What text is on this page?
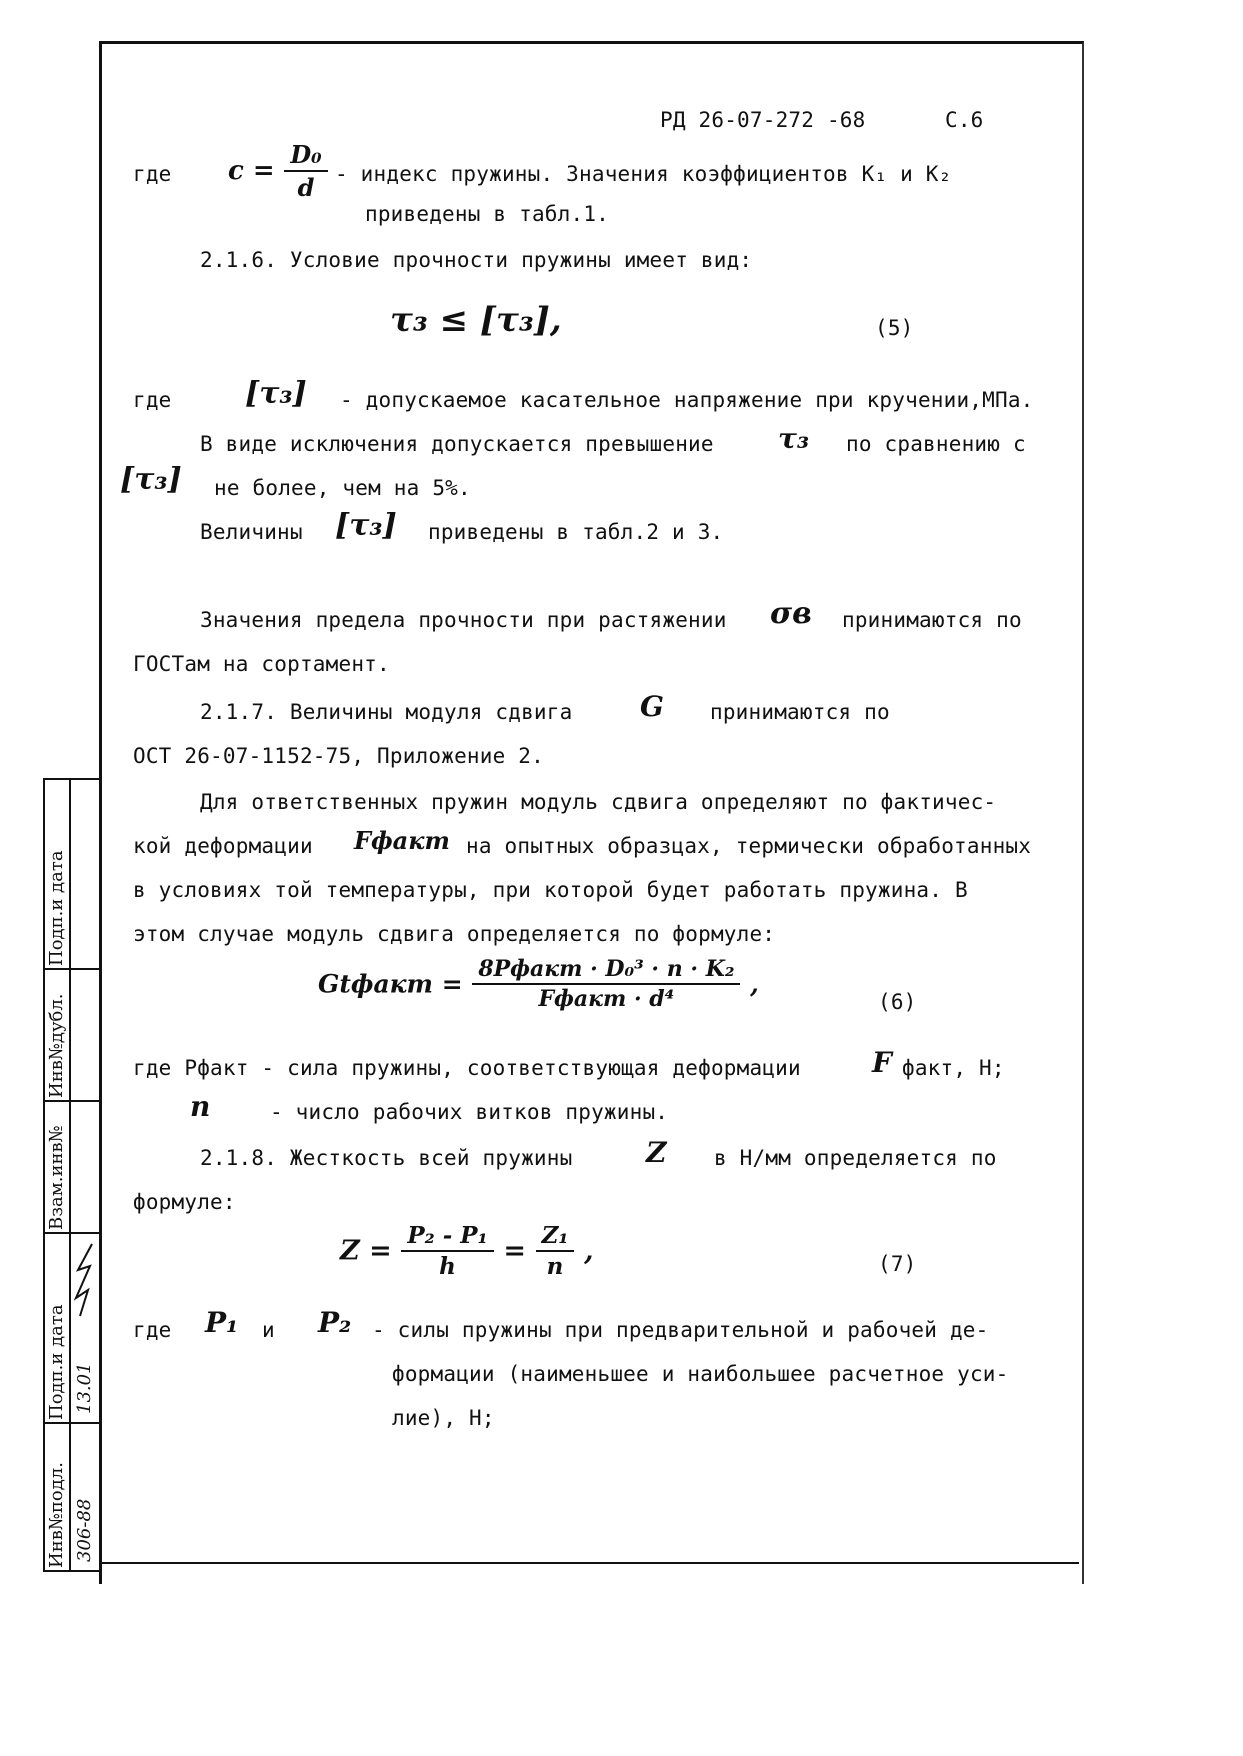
РД 26-07-272 -68	С.6
где $c = \frac{\text{D₀}}{d}$ - индекс пружины. Значения коэффициентов K₁ и K₂
приведены в табл.1.
2.1.6. Условие прочности пружины имеет вид:
τ₃ ≤ [τ₃],	(5)
где [τ₃] - допускаемое касательное напряжение при кручении,МПа.
В виде исключения допускается превышение τ₃ по сравнению с
[τ₃] не более, чем на 5%.
Величины [τ₃] приведены в табл.2 и 3.
Значения предела прочности при растяжении σв принимаются по
ГОСТам на сортамент.
2.1.7. Величины модуля сдвига G принимаются по
ОСТ 26-07-1152-75, Приложение 2.
Для ответственных пружин модуль сдвига определяют по фактичес-
кой деформации Fфакт на опытных образцах, термически обработанных
в условиях той температуры, при которой будет работать пружина. В
этом случае модуль сдвига определяется по формуле:
Gtфакт = $\frac{\text{8Pфакт · D₀³ · n · K₂}}{\text{Fфакт · d⁴}}$ ,
(6)
где Pфакт - сила пружины, соответствующая деформации	F факт, Н;
n	- число рабочих витков пружины.
2.1.8. Жесткость всей пружины	Z в Н/мм определяется по
формуле:
$Z = \frac{\text{P₂ - P₁}}{h} = \frac{\text{Z₁}}{n}$ ,	(7)
где P₁ и P₂ - силы пружины при предварительной и рабочей де-
формации (наименьшее и наибольшее расчетное уси-
лие), Н;
Подп.и дата
Инв№дубл.
Взам.инв№
Подп.и дата 13.01
Инв№подл. 306-88
